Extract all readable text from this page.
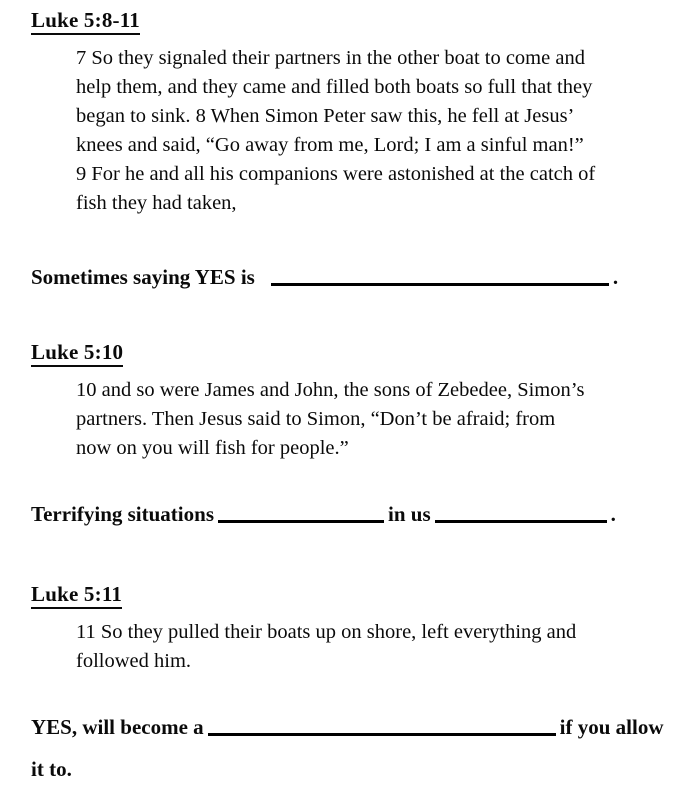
Luke 5:8-11
7 So they signaled their partners in the other boat to come and
help them, and they came and filled both boats so full that they
began to sink. 8 When Simon Peter saw this, he fell at Jesus’
knees and said, “Go away from me, Lord; I am a sinful man!”
9 For he and all his companions were astonished at the catch of
fish they had taken,
Sometimes saying YES is	.
Luke 5:10
10 and so were James and John, the sons of Zebedee, Simon’s
partners. Then Jesus said to Simon, “Don’t be afraid; from
now on you will fish for people.”
Terrifying situations	in us	.
Luke 5:11
11 So they pulled their boats up on shore, left everything and
followed him.
YES, will become a	if you allow it to.
